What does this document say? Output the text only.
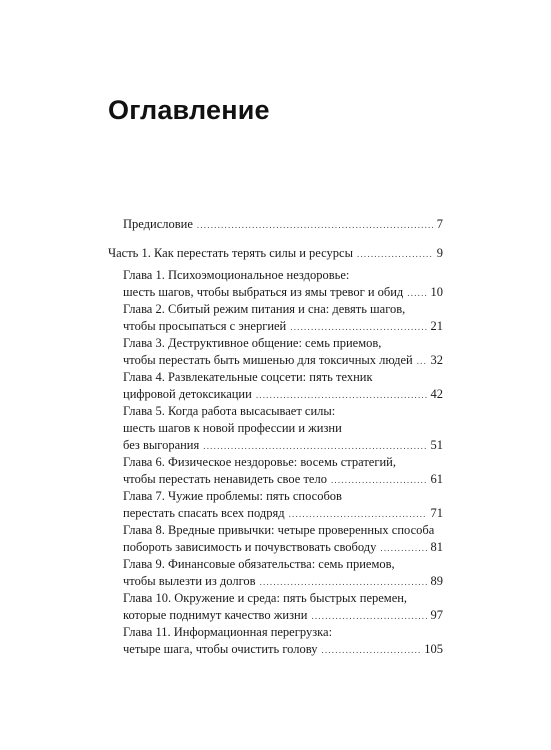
Оглавление
Предисловие .....	7
Часть 1. Как перестать терять силы и ресурсы .....	9
Глава 1. Психоэмоциональное нездоровье:
шесть шагов, чтобы выбраться из ямы тревог и обид ..... 10
Глава 2. Сбитый режим питания и сна: девять шагов,
чтобы просыпаться с энергией .....	21
Глава 3. Деструктивное общение: семь приемов,
чтобы перестать быть мишенью для токсичных людей ..... 32
Глава 4. Развлекательные соцсети: пять техник
цифровой детоксикации .....	42
Глава 5. Когда работа высасывает силы:
шесть шагов к новой профессии и жизни
без выгорания .....	51
Глава 6. Физическое нездоровье: восемь стратегий,
чтобы перестать ненавидеть свое тело .....	61
Глава 7. Чужие проблемы: пять способов
перестать спасать всех подряд .....	71
Глава 8. Вредные привычки: четыре проверенных способа
побороть зависимость и почувствовать свободу .....	81
Глава 9. Финансовые обязательства: семь приемов,
чтобы вылезти из долгов .....	89
Глава 10. Окружение и среда: пять быстрых перемен,
которые поднимут качество жизни .....	97
Глава 11. Информационная перегрузка:
четыре шага, чтобы очистить голову .....	105
